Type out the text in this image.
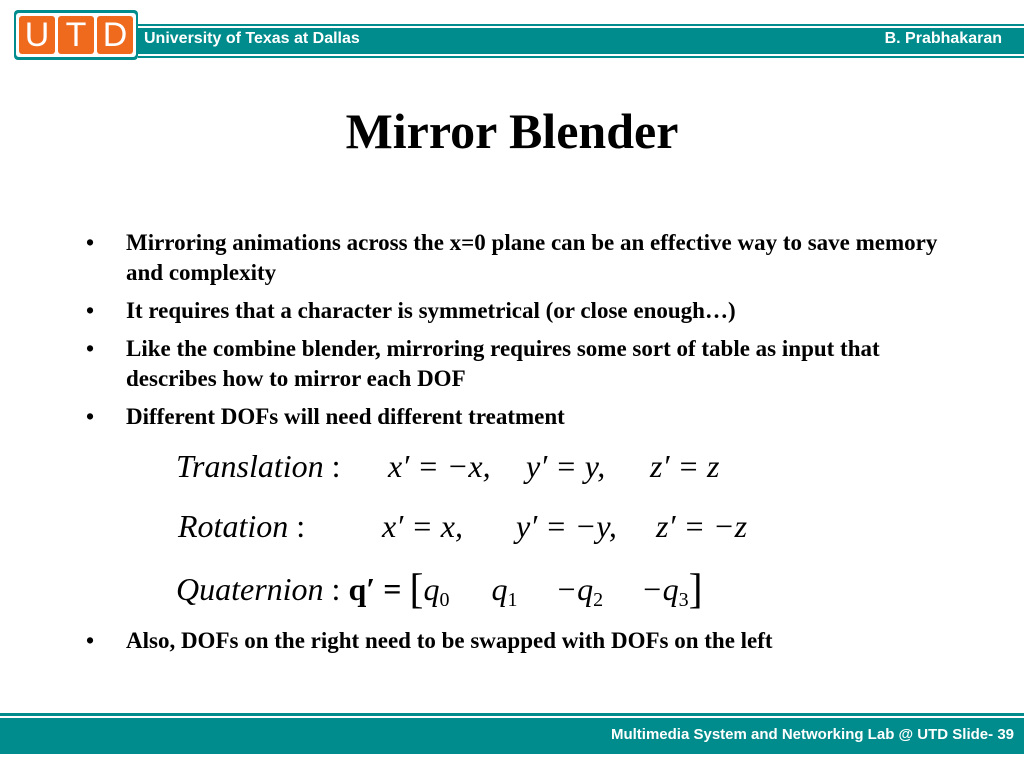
U T D	University of Texas at Dallas	B. Prabhakaran
Mirror Blender
• Mirroring animations across the x=0 plane can be an effective way to save memory and complexity
• It requires that a character is symmetrical (or close enough…)
• Like the combine blender, mirroring requires some sort of table as input that describes how to mirror each DOF
• Different DOFs will need different treatment
Translation : x′ = −x, y′ = y, z′ = z
Rotation : x′ = x, y′ = −y, z′ = −z
Quaternion : $q' = [q_0$ $q_1 -q_2 -q_3$]
• Also, DOFs on the right need to be swapped with DOFs on the left
Multimedia System and Networking Lab @ UTD Slide- 39
